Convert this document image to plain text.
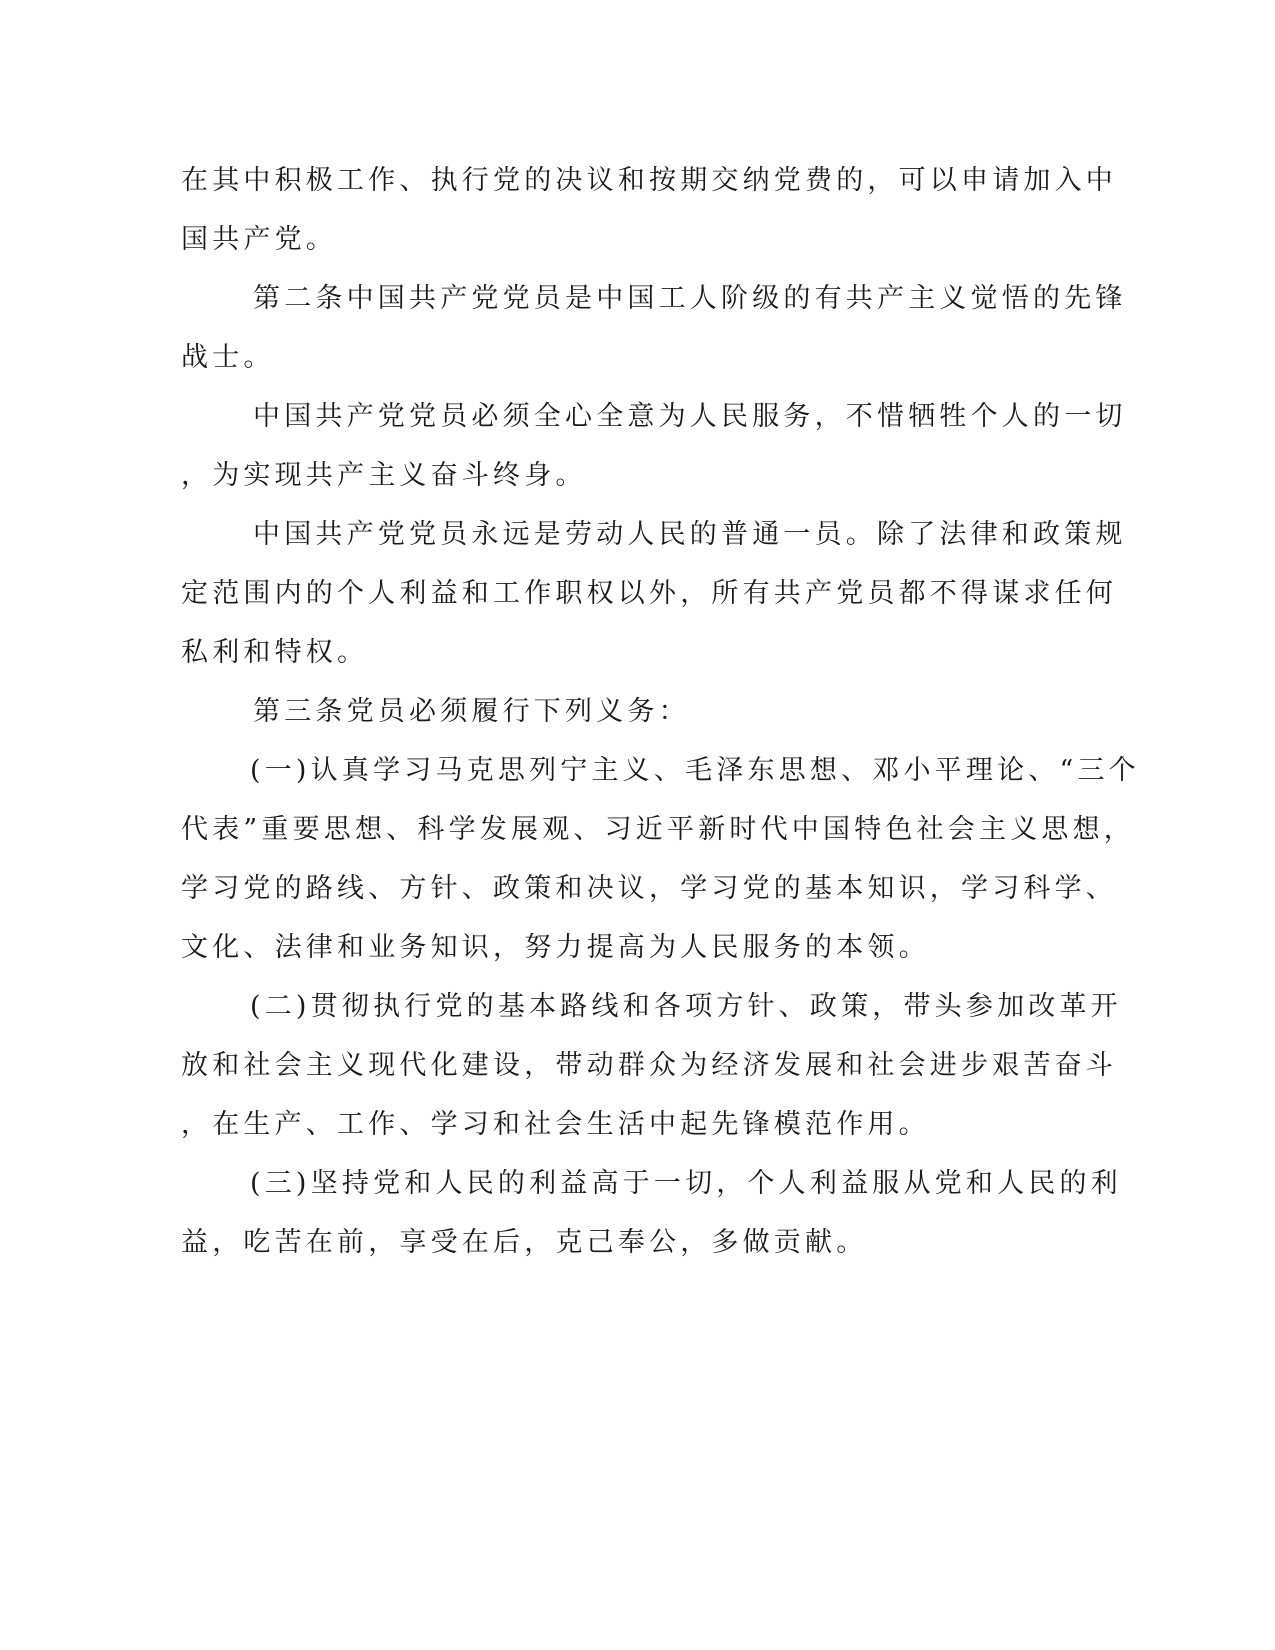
在其中积极工作、执行党的决议和按期交纳党费的，可以申请加入中
国共产党。
第二条中国共产党党员是中国工人阶级的有共产主义觉悟的先锋
战士。
中国共产党党员必须全心全意为人民服务，不惜牺牲个人的一切
，为实现共产主义奋斗终身。
中国共产党党员永远是劳动人民的普通一员。除了法律和政策规
定范围内的个人利益和工作职权以外，所有共产党员都不得谋求任何
私利和特权。
第三条党员必须履行下列义务：
(一)认真学习马克思列宁主义、毛泽东思想、邓小平理论、“三个
代表”重要思想、科学发展观、习近平新时代中国特色社会主义思想，
学习党的路线、方针、政策和决议，学习党的基本知识，学习科学、
文化、法律和业务知识，努力提高为人民服务的本领。
(二)贯彻执行党的基本路线和各项方针、政策，带头参加改革开
放和社会主义现代化建设，带动群众为经济发展和社会进步艰苦奋斗
，在生产、工作、学习和社会生活中起先锋模范作用。
(三)坚持党和人民的利益高于一切，个人利益服从党和人民的利
益，吃苦在前，享受在后，克己奉公，多做贡献。
